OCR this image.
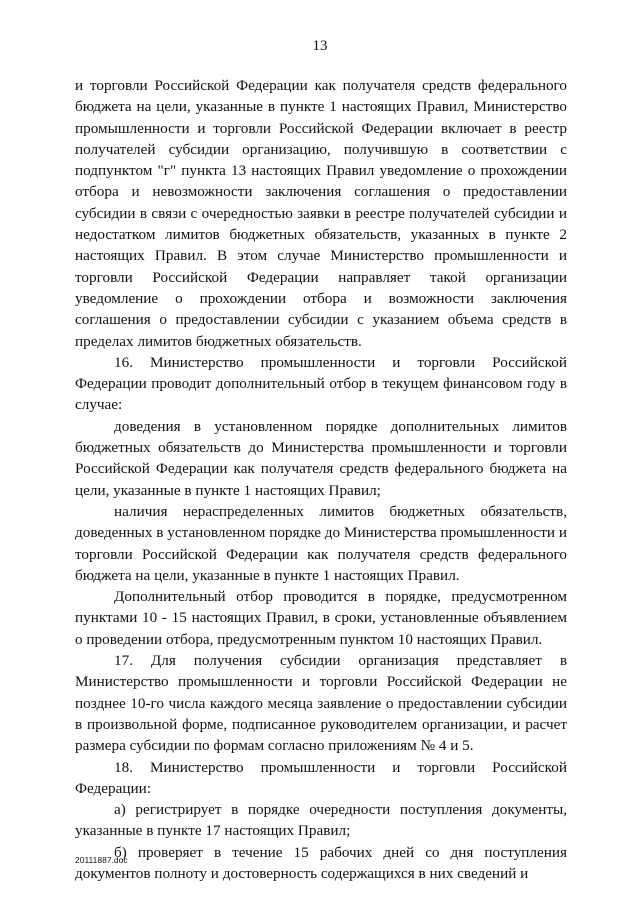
13

и торговли Российской Федерации как получателя средств федерального бюджета на цели, указанные в пункте 1 настоящих Правил, Министерство промышленности и торговли Российской Федерации включает в реестр получателей субсидии организацию, получившую в соответствии с подпунктом "г" пункта 13 настоящих Правил уведомление о прохождении отбора и невозможности заключения соглашения о предоставлении субсидии в связи с очередностью заявки в реестре получателей субсидии и недостатком лимитов бюджетных обязательств, указанных в пункте 2 настоящих Правил. В этом случае Министерство промышленности и торговли Российской Федерации направляет такой организации уведомление о прохождении отбора и возможности заключения соглашения о предоставлении субсидии с указанием объема средств в пределах лимитов бюджетных обязательств.

16. Министерство промышленности и торговли Российской Федерации проводит дополнительный отбор в текущем финансовом году в случае:

доведения в установленном порядке дополнительных лимитов бюджетных обязательств до Министерства промышленности и торговли Российской Федерации как получателя средств федерального бюджета на цели, указанные в пункте 1 настоящих Правил;

наличия нераспределенных лимитов бюджетных обязательств, доведенных в установленном порядке до Министерства промышленности и торговли Российской Федерации как получателя средств федерального бюджета на цели, указанные в пункте 1 настоящих Правил.

Дополнительный отбор проводится в порядке, предусмотренном пунктами 10 - 15 настоящих Правил, в сроки, установленные объявлением о проведении отбора, предусмотренным пунктом 10 настоящих Правил.

17. Для получения субсидии организация представляет в Министерство промышленности и торговли Российской Федерации не позднее 10-го числа каждого месяца заявление о предоставлении субсидии в произвольной форме, подписанное руководителем организации, и расчет размера субсидии по формам согласно приложениям № 4 и 5.

18. Министерство промышленности и торговли Российской Федерации:

а) регистрирует в порядке очередности поступления документы, указанные в пункте 17 настоящих Правил;

б) проверяет в течение 15 рабочих дней со дня поступления документов полноту и достоверность содержащихся в них сведений и

20111887.doc
